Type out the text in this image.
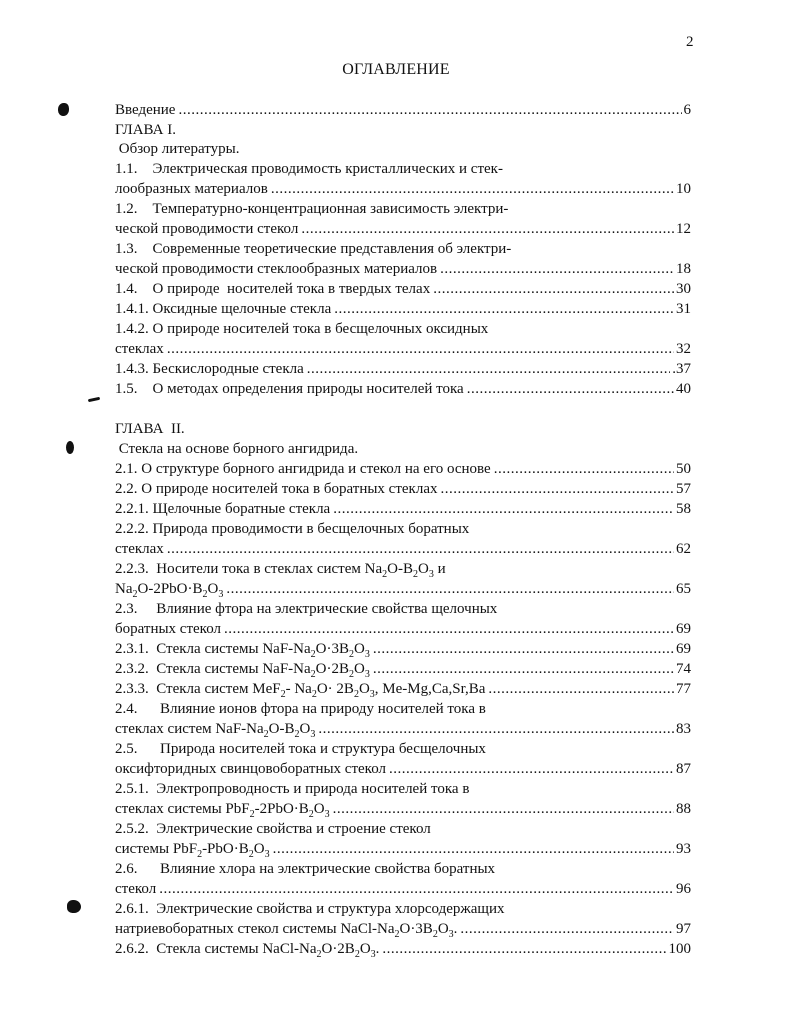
2
ОГЛАВЛЕНИЕ
Введение .....	6
ГЛАВА I.
Обзор литературы.
1.1.    Электрическая проводимость кристаллических и стек-
лообразных материалов .....	10
1.2.    Температурно-концентрационная зависимость электри-
ческой проводимости стекол .....	12
1.3.    Современные теоретические представления об электри-
ческой проводимости стеклообразных материалов .....	18
1.4.    О природе  носителей тока в твердых телах .....	30
1.4.1. Оксидные щелочные стекла .....	31
1.4.2. О природе носителей тока в бесщелочных оксидных
стеклах .....	32
1.4.3. Бескислородные стекла .....	.37
1.5.    О методах определения природы носителей тока .....	40
ГЛАВА  II.
Стекла на основе борного ангидрида.
2.1. О структуре борного ангидрида и стекол на его основе .....	50
2.2. О природе носителей тока в боратных стеклах .....	57
2.2.1. Щелочные боратные стекла .....	58
2.2.2. Природа проводимости в бесщелочных боратных
стеклах .....	62
2.2.3.  Носители тока в стеклах систем $Na_2O-B_2O_3$ и
$Na_2O-2PbO\cdot B_2O_3$ .....	65
2.3.     Влияние фтора на электрические свойства щелочных
боратных стекол .....	69
2.3.1.  Стекла системы NaF-$Na_2O\cdot 3B_2O_3$ .....	69
2.3.2.  Стекла системы NaF-$Na_2O\cdot 2B_2O_3$ .....	74
2.3.3.  Стекла систем MeF$_2$- $Na_2O\cdot 2B_2O_3$, Me-Mg,Ca,Sr,Ba .....	77
2.4.      Влияние ионов фтора на природу носителей тока в
стеклах систем NaF-$Na_2O-B_2O_3$ .....	83
2.5.      Природа носителей тока и структура бесщелочных
оксифторидных свинцовоборатных стекол .....	87
2.5.1.  Электропроводность и природа носителей тока в
стеклах системы $PbF_2-2PbO\cdot B_2O_3$ .....	88
2.5.2.  Электрические свойства и строение стекол
системы $PbF_2-PbO\cdot B_2O_3$ .....	93
2.6.      Влияние хлора на электрические свойства боратных
стекол .....	96
2.6.1.  Электрические свойства и структура хлорсодержащих
натриевоборатных стекол системы NaCl-$Na_2O\cdot 3B_2O_3$. .....	97
2.6.2.  Стекла системы NaCl-$Na_2O\cdot 2B_2O_3$. .....	100
